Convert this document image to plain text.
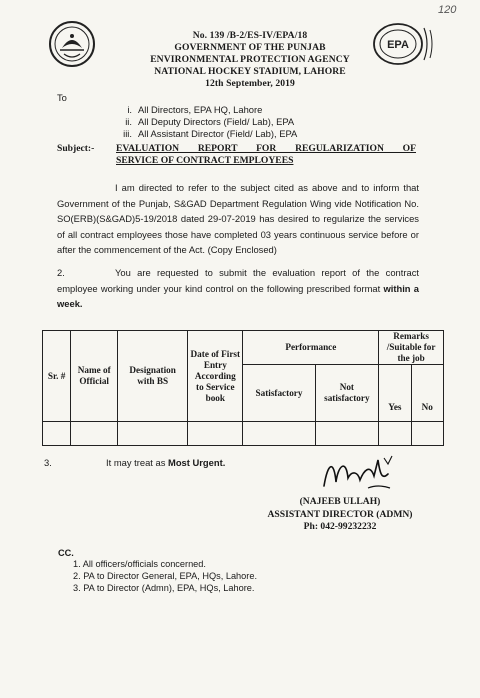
120
EPA
No. 139 /B-2/ES-IV/EPA/18
GOVERNMENT OF THE PUNJAB
ENVIRONMENTAL PROTECTION AGENCY
NATIONAL HOCKEY STADIUM, LAHORE
12th September, 2019
To
i. All Directors, EPA HQ, Lahore
ii. All Deputy Directors (Field/ Lab), EPA
iii. All Assistant Director (Field/ Lab), EPA
Subject:- EVALUATION REPORT FOR REGULARIZATION OF
SERVICE OF CONTRACT EMPLOYEES
I am directed to refer to the subject cited as above and to inform that Government of the Punjab, S&GAD Department Regulation Wing vide Notification No. SO(ERB)(S&GAD)5-19/2018 dated 29-07-2019 has desired to regularize the services of all contract employees those have completed 03 years continuous service before or after the commencement of the Act. (Copy Enclosed)
2.	You are requested to submit the evaluation report of the contract employee working under your kind control on the following prescribed format within a week.
Sr. #	Name of Official	Designation with BS	Date of First Entry According to Service book	Performance		Remarks /Suitable for the job	
				Satisfactory	Not satisfactory	Yes	No

3.	It may treat as Most Urgent.
(NAJEEB ULLAH)
ASSISTANT DIRECTOR (ADMN)
Ph: 042-99232232
CC.
1. All officers/officials concerned.
2. PA to Director General, EPA, HQs, Lahore.
3. PA to Director (Admn), EPA, HQs, Lahore.
